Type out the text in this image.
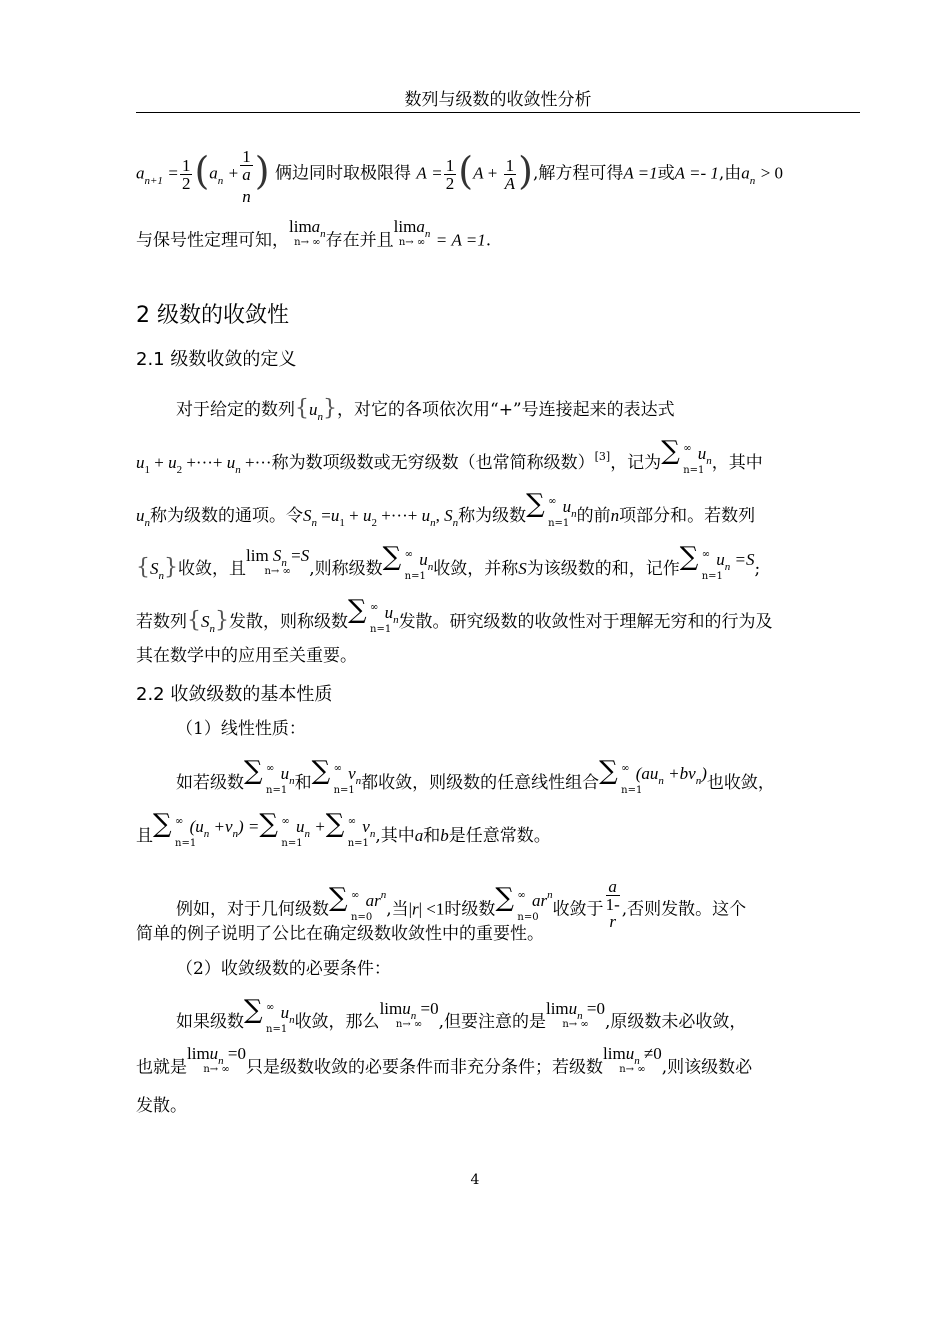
数列与级数的收敛性分析
$a_{n+1} = \frac{1}{2} (a_n + 1$
a
n ) 俩边同时取极限得 $A = \frac{1}{2} (A + \frac{1}{A}$ ),解方程可得A =1或A =- 1,由$a_n > 0$
与保号性定理可知，
lima$_n$
n→ ∞ 存在并且
lima$_n$
n→ ∞ = A =1.
2 级数的收敛性
2.1 级数收敛的定义
对于给定的数列$\{u_n\}$，对它的各项依次用“+”号连接起来的表达式
$u_1 + u_2$ +···+ $u_n$ +···称为数项级数或无穷级数（也常简称级数）[3]，记为∑ ∞
n=1
$u_n$，其中
$u_n$称为级数的通项。令$S_n =u_1 + u_2$ +···+ $u_n$, $S_n$称为级数∑ ∞
n=1
$u_n$的前n项部分和。若数列
$\{S_n\}$收敛，且
$\lim S_n =S$
n→ ∞	,则称级数∑ ∞
n=1
$u_n$收敛，并称S为该级数的和，记作∑ ∞
n=1
$u_n =S$;
若数列$\{S_n\}$发散，则称级数∑ ∞
n=1
$u_n$发散。研究级数的收敛性对于理解无穷和的行为及
其在数学中的应用至关重要。
2.2 收敛级数的基本性质
（1）线性性质：
如若级数∑ ∞
n=1
$u_n$和∑ ∞
n=1
$v_n$都收敛，则级数的任意线性组合∑ ∞
n=1
$(au_n +bv_n)$也收敛，
且∑ ∞
n=1
$(u_n +v_n)$ =∑ ∞
n=1
$u_n$ +∑ ∞
n=1
$v_n$,其中a和b是任意常数。
例如，对于几何级数∑ ∞
n=0
$ar^n$,当|r| <1时级数∑ ∞
n=0
$ar^n$收敛于 a
1-
r ,否则发散。这个
简单的例子说明了公比在确定级数收敛性中的重要性。
（2）收敛级数的必要条件：
如果级数∑ ∞
n=1
$u_n$收敛，那么
limu$_n$ =0
n→ ∞ ,但要注意的是
limu$_n$ =0
n→ ∞ ,原级数未必收敛，
也就是
limu$_n$ =0
n→ ∞ 只是级数收敛的必要条件而非充分条件；若级数
limu$_n$ ≠0
n→ ∞ ,则该级数必
发散。
4
